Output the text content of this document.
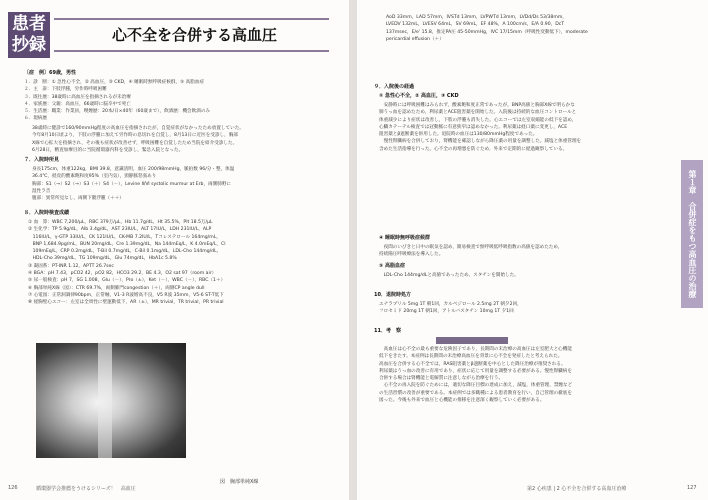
患者
抄録	心不全を合併する高血圧
〔症　例〕69歳，男性
１．診　断：① 急性心不全，② 高血圧，③ CKD，④ 睡眠時無呼吸症候群，⑤ 高脂血症
２．主　訴：下肢浮腫，労作時呼吸困難
３．既往歴：38歳時に高血圧を指摘されるが未治療
４．家族歴：父親：高血圧，66歳時に脳卒中で死亡
５．生活歴：職業：作業員，喫煙歴：20本/日×40年（60歳まで），飲酒歴：機会飲酒のみ
６．現病歴
38歳時に健診で160/90mmHg程度の高血圧を指摘されたが，自覚症状がなかったため放置していた。
今年8月10日頃より，下肢の浮腫に加えて労作時の息切れを自覚し，8月13日に近医を受診し，胸部
X線で心拡大を指摘され，その後も症状が改善せず，呼吸困難を自覚したため当院を紹介受診した。
6月28日，精査加療目的に当院循環器内科を受診し，緊急入院となった。
７．入院時所見
身長175cm，体重122kg，BMI 39.8，意識清明，血圧 200/98mmHg，脈拍数 96/分・整，体温
36.4℃，経皮的酸素飽和度95%（室内気），頸静脈怒張あり
胸部：S1（→）S2（→）S3（＋）S4（－），Levine Ⅱ/Ⅵ systolic murmur at Erb，両側肺野に
湿性ラ音
腹部：異常所見なし，両側下腿浮腫（＋＋）
８．入院時検査成績
① 血　算：WBC 7,200/μL，RBC 379万/μL，Hb 11.7g/dL，Ht 35.5%，Plt 18.5万/μL
② 生化学：TP 5.9g/dL，Alb 3.4g/dL，AST 23IU/L，ALT 17IU/L，LDH 231IU/L，ALP
　116IU/L，γ-GTP 33IU/L，CK 121IU/L，CK-MB 7.2IU/L，Tコレステロール 164mg/mL，
　BNP 1,684.9pg/mL，BUN 20mg/dL，Cre 1.39mg/dL，Na 144mEq/L，K 4.0mEq/L，Cl
　109mEq/L，CRP 0.2mg/dL，T-Bil 0.7mg/dL，C-Bil 0.1mg/dL，LDL-Cho 144mg/dL，
　HDL-Cho 39mg/dL，TG 109mg/dL，Glu 74mg/dL，HbA1c 5.8%
③ 凝固系：PT-INR 1.12，APTT 26.7sec
④ BGA：pH 7.43，pCO2 42，pO2 82，HCO3 29.2，BE 4.3，O2 sat 97（room air）
⑤ 尿一般検査：pH 7，SG 1.008，Glu（－），Pro（±），Ket（－），WBC（－），RBC（1＋）
⑥ 胸部単純X線（図）：CTR 69.7%，両側肺門congestion（＋），両側CP angle dull
⑦ 心電図：正常洞調律90bpm，正常軸，V1-3 R波増高不良，V5 R波 35mm，V5-6 ST-T低下
⑧ 経胸壁心エコー：左室は全周性に壁運動低下，AR（±），MR trivial，TR trivial，PR trivial
図　胸部単純X線
126	循環器学会推薦をうけるシリーズ！　高血圧
AoD 33mm，LAD 57mm，IVSTd 13mm，LVPWTd 13mm，LVDd/Ds 53/38mm，
LVEDV 132mL，LVESV 64mL，SV 69mL，EF 48%，A 100cm/s，E/A 0.90，DcT
137msec，E/e' 15.8，推定PA圧 45-50mmHg，IVC 17/15mm（呼吸性変動低下），moderate
pericardial effusion（＋）
９．入院後の経過
① 急性心不全，② 高血圧，③ CKD
　安静時には呼吸困難はみられず，酸素飽和度正常であったが，BNP高値と胸部X線で明らかな
肺うっ血を認めたため，利尿薬とACE阻害薬を開始した。入院後は持続的な血圧コントロールと
体重減少により症状は改善し，下肢の浮腫も消失した。心エコーでは左室収縮能の低下を認め，
心臓カテーテル検査では冠動脈に有意狭窄は認めなかった。利尿薬は経口薬に変更し，ACE
阻害薬とβ遮断薬を併用した。退院時の血圧は130/80mmHg程度であった。
　慢性腎臓病を合併しており，腎機能を確認しながら降圧薬の用量を調整した。減塩と体重管理を
含めた生活指導を行った。心不全の再増悪を防ぐため，外来で定期的に経過観察している。
④ 睡眠時無呼吸症候群
　夜間のいびきと日中の眠気を認め，簡易検査で無呼吸低呼吸指数の高値を認めたため，
持続陽圧呼吸療法を導入した。
⑤ 高脂血症
　LDL-Cho 144mg/dLと高値であったため，スタチンを開始した。
10．退院時処方
エナラプリル 5mg 1T 朝1回，カルベジロール 2.5mg 2T 朝夕2回，
フロセミド 20mg 1T 朝1回，アトルバスタチン 10mg 1T 夕1回
11．考　察
　高血圧は心不全の最も重要な危険因子であり，長期間の未治療の高血圧は左室肥大と心機能
低下をきたす。本症例は長期間の未治療高血圧を背景に心不全を発症したと考えられた。
高血圧を合併する心不全では，RAS阻害薬とβ遮断薬を中心とした降圧治療が推奨される。
利尿薬はうっ血の改善に有用であり，症状に応じて用量を調整する必要がある。慢性腎臓病を
合併する場合は腎機能と電解質に注意しながら治療を行う。
　心不全の再入院を防ぐためには，適切な降圧目標の達成に加え，減塩，体重管理，禁煙など
の生活習慣の改善が重要である。本症例では多職種による患者教育を行い，自己管理の徹底を
図った。今後も外来で血圧と心機能の推移を注意深く観察していく必要がある。
第2 心疾患 | 2 心不全を合併する高血圧治療	127
第１章　合併症をもつ高血圧の治療
